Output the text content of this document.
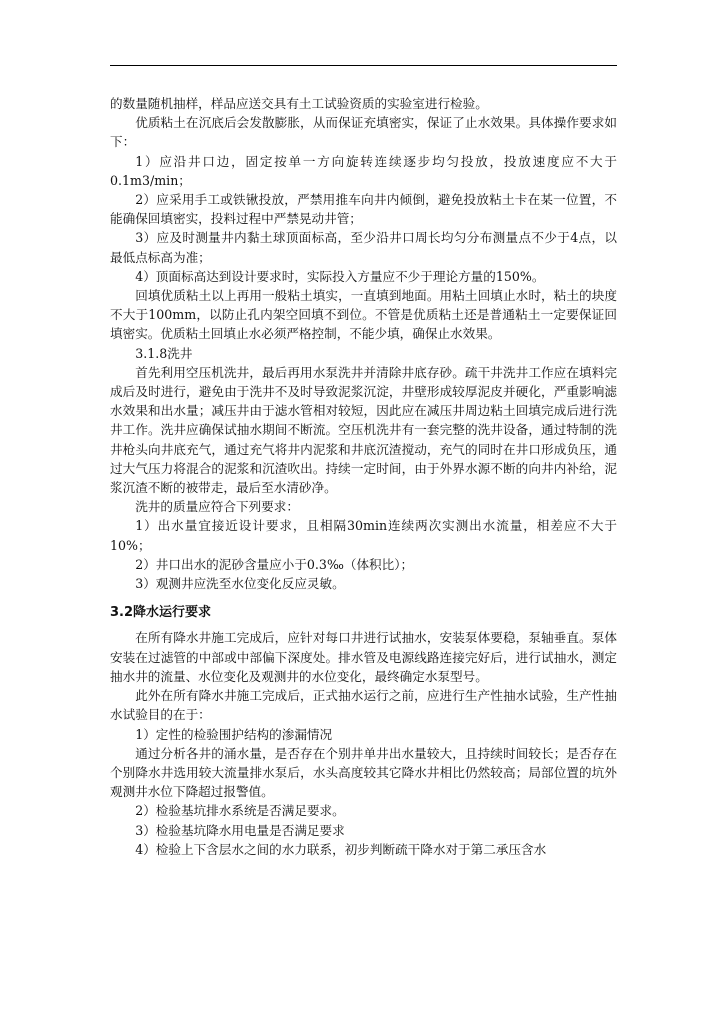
的数量随机抽样，样品应送交具有土工试验资质的实验室进行检验。

优质粘土在沉底后会发散膨胀，从而保证充填密实，保证了止水效果。具体操作要求如下：

1）应沿井口边，固定按单一方向旋转连续逐步均匀投放，投放速度应不大于0.1m3/min；

2）应采用手工或铁锹投放，严禁用推车向井内倾倒，避免投放粘土卡在某一位置，不能确保回填密实，投料过程中严禁晃动井管；

3）应及时测量井内黏土球顶面标高，至少沿井口周长均匀分布测量点不少于4点，以最低点标高为准；

4）顶面标高达到设计要求时，实际投入方量应不少于理论方量的150%。

回填优质粘土以上再用一般粘土填实，一直填到地面。用粘土回填止水时，粘土的块度不大于100mm，以防止孔内架空回填不到位。不管是优质粘土还是普通粘土一定要保证回填密实。优质粘土回填止水必须严格控制，不能少填，确保止水效果。

3.1.8洗井

首先利用空压机洗井，最后再用水泵洗井并清除井底存砂。疏干井洗井工作应在填料完成后及时进行，避免由于洗井不及时导致泥浆沉淀，井壁形成较厚泥皮并硬化，严重影响滤水效果和出水量；减压井由于滤水管相对较短，因此应在减压井周边粘土回填完成后进行洗井工作。洗井应确保试抽水期间不断流。空压机洗井有一套完整的洗井设备，通过特制的洗井枪头向井底充气，通过充气将井内泥浆和井底沉渣搅动，充气的同时在井口形成负压，通过大气压力将混合的泥浆和沉渣吹出。持续一定时间，由于外界水源不断的向井内补给，泥浆沉渣不断的被带走，最后至水清砂净。

洗井的质量应符合下列要求：

1）出水量宜接近设计要求，且相隔30min连续两次实测出水流量，相差应不大于10%；

2）井口出水的泥砂含量应小于0.3‰（体积比）；

3）观测井应洗至水位变化反应灵敏。

3.2降水运行要求

在所有降水井施工完成后，应针对每口井进行试抽水，安装泵体要稳，泵轴垂直。泵体安装在过滤管的中部或中部偏下深度处。排水管及电源线路连接完好后，进行试抽水，测定抽水井的流量、水位变化及观测井的水位变化，最终确定水泵型号。

此外在所有降水井施工完成后，正式抽水运行之前，应进行生产性抽水试验，生产性抽水试验目的在于：

1）定性的检验围护结构的渗漏情况

通过分析各井的涌水量，是否存在个别井单井出水量较大，且持续时间较长；是否存在个别降水井选用较大流量排水泵后，水头高度较其它降水井相比仍然较高；局部位置的坑外观测井水位下降超过报警值。

2）检验基坑排水系统是否满足要求。

3）检验基坑降水用电量是否满足要求

4）检验上下含层水之间的水力联系，初步判断疏干降水对于第二承压含水
